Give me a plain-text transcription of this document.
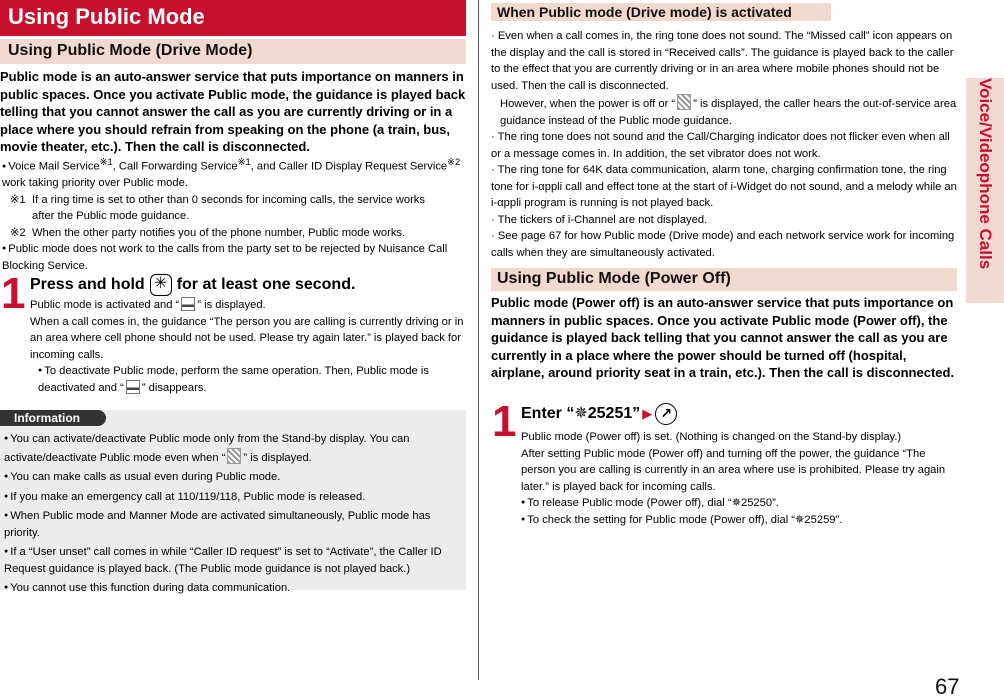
Using Public Mode
Using Public Mode (Drive Mode)
Public mode is an auto-answer service that puts importance on manners in public spaces. Once you activate Public mode, the guidance is played back telling that you cannot answer the call as you are currently driving or in a place where you should refrain from speaking on the phone (a train, bus, movie theater, etc.). Then the call is disconnected.
● Voice Mail Service$^{※1}$, Call Forwarding Service$^{※1}$, and Caller ID Display Request Service$^{※2}$ work taking priority over Public mode.
※1 If a ring time is set to other than 0 seconds for incoming calls, the service works
after the Public mode guidance.
※2 When the other party notifies you of the phone number, Public mode works.
● Public mode does not work to the calls from the party set to be rejected by Nuisance Call Blocking Service.
1 Press and hold ✳ for at least one second.
Public mode is activated and “ ” is displayed.
When a call comes in, the guidance “The person you are calling is currently driving or in an area where cell phone should not be used. Please try again later.” is played back for incoming calls.
● To deactivate Public mode, perform the same operation. Then, Public mode is deactivated and “ ” disappears.
Information
● You can activate/deactivate Public mode only from the Stand-by display. You can activate/deactivate Public mode even when “ ” is displayed.
● You can make calls as usual even during Public mode.
● If you make an emergency call at 110/119/118, Public mode is released.
● When Public mode and Manner Mode are activated simultaneously, Public mode has priority.
● If a “User unset” call comes in while “Caller ID request” is set to “Activate”, the Caller ID Request guidance is played back. (The Public mode guidance is not played back.)
● You cannot use this function during data communication.
When Public mode (Drive mode) is activated
· Even when a call comes in, the ring tone does not sound. The “Missed call” icon appears on the display and the call is stored in “Received calls”. The guidance is played back to the caller to the effect that you are currently driving or in an area where mobile phones should not be used. Then the call is disconnected.
However, when the power is off or “ ” is displayed, the caller hears the out-of-service area guidance instead of the Public mode guidance.
· The ring tone does not sound and the Call/Charging indicator does not flicker even when all or a message comes in. In addition, the set vibrator does not work.
· The ring tone for 64K data communication, alarm tone, charging confirmation tone, the ring tone for i-αppli call and effect tone at the start of i-Widget do not sound, and a melody while an i-αppli program is running is not played back.
· The tickers of i-Channel are not displayed.
· See page 67 for how Public mode (Drive mode) and each network service work for incoming calls when they are simultaneously activated.
Using Public Mode (Power Off)
Public mode (Power off) is an auto-answer service that puts importance on manners in public spaces. Once you activate Public mode (Power off), the guidance is played back telling that you cannot answer the call as you are currently in a place where the power should be turned off (hospital, airplane, around priority seat in a train, etc.). Then the call is disconnected.
1 Enter “✵25251” ▶ ↗
Public mode (Power off) is set. (Nothing is changed on the Stand-by display.)
After setting Public mode (Power off) and turning off the power, the guidance “The person you are calling is currently in an area where use is prohibited. Please try again later.” is played back for incoming calls.
● To release Public mode (Power off), dial “✵25250”.
● To check the setting for Public mode (Power off), dial “✵25259”.
Voice/Videophone Calls
67
